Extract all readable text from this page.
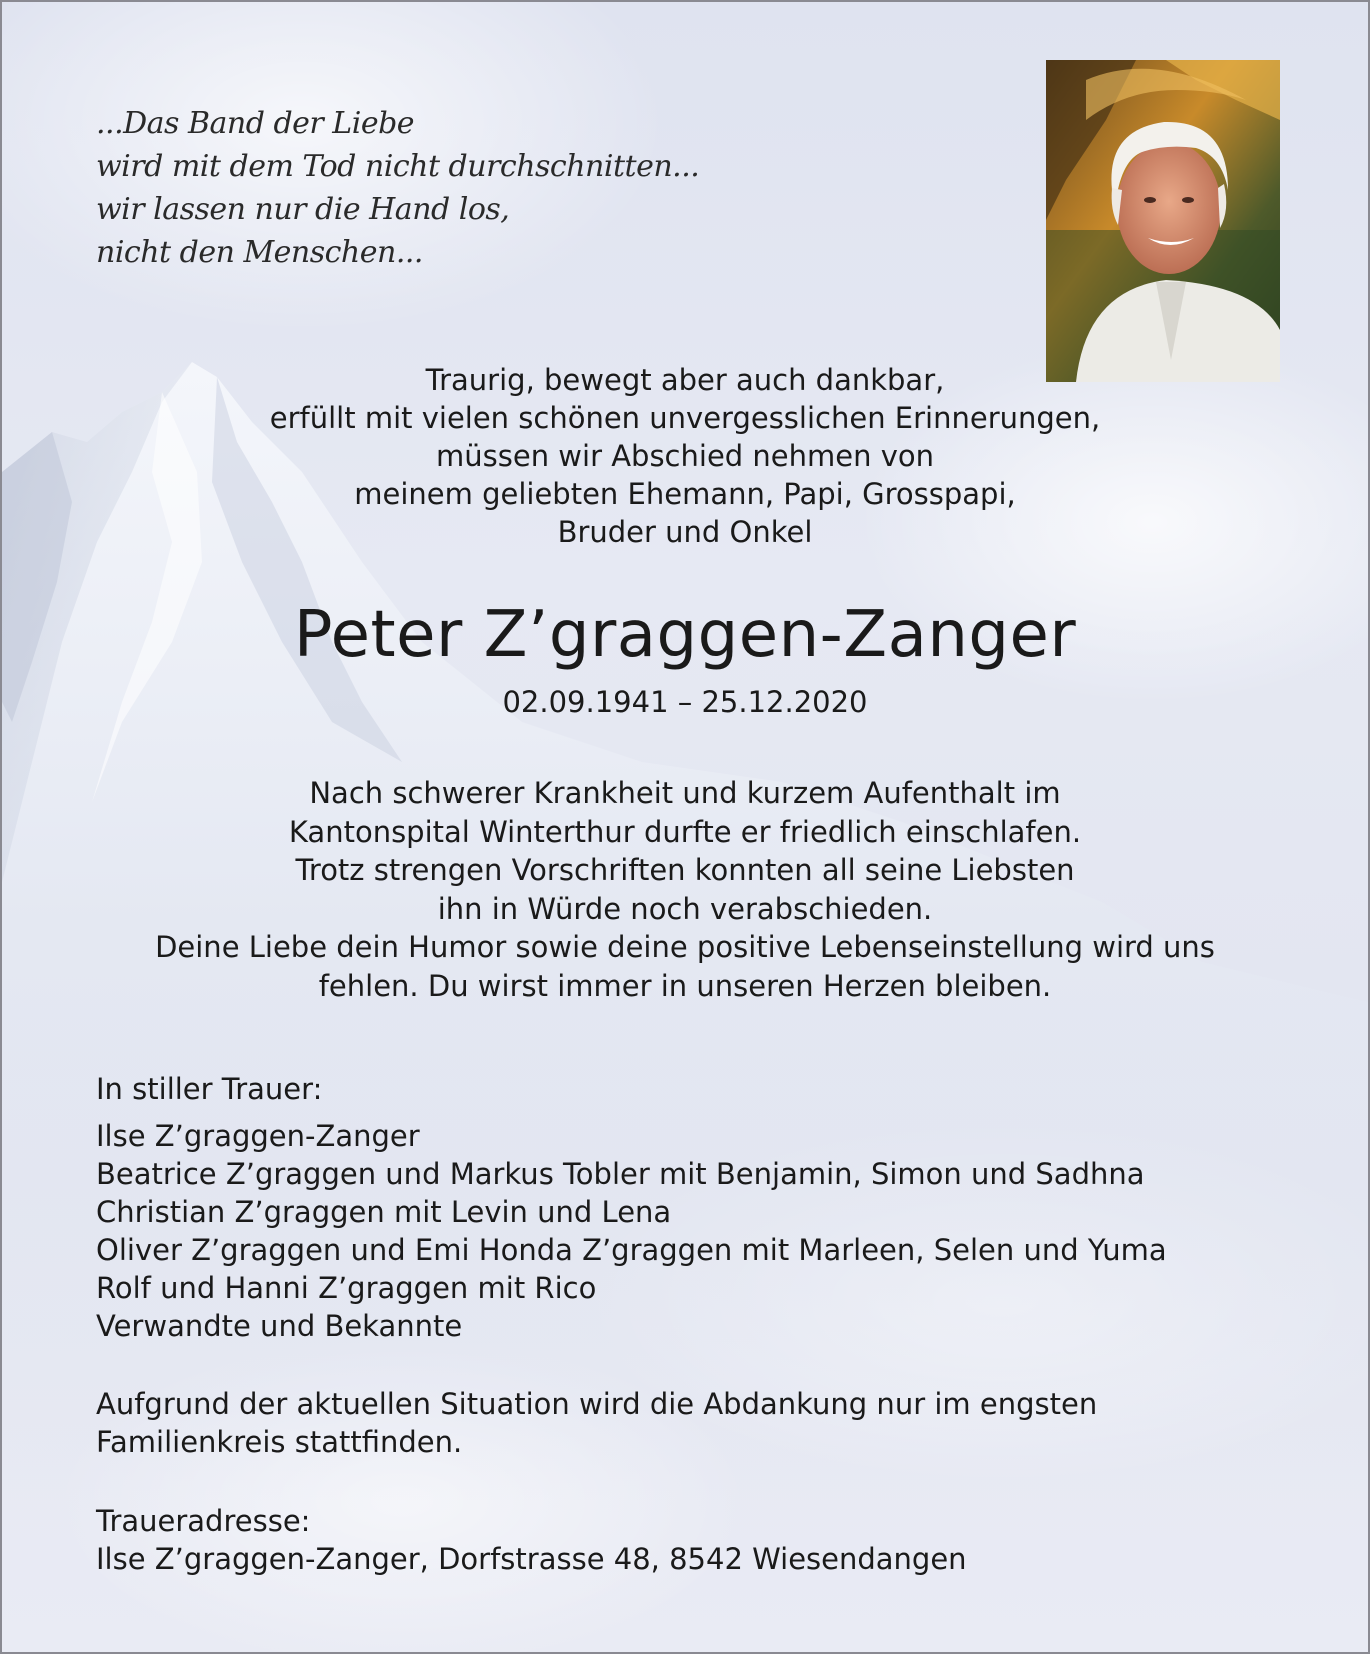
...Das Band der Liebe
wird mit dem Tod nicht durchschnitten...
wir lassen nur die Hand los,
nicht den Menschen...
Traurig, bewegt aber auch dankbar,
erfüllt mit vielen schönen unvergesslichen Erinnerungen,
müssen wir Abschied nehmen von
meinem geliebten Ehemann, Papi, Grosspapi,
Bruder und Onkel
Peter Z’graggen-Zanger
02.09.1941 – 25.12.2020
Nach schwerer Krankheit und kurzem Aufenthalt im
Kantonspital Winterthur durfte er friedlich einschlafen.
Trotz strengen Vorschriften konnten all seine Liebsten
ihn in Würde noch verabschieden.
Deine Liebe dein Humor sowie deine positive Lebenseinstellung wird uns
fehlen. Du wirst immer in unseren Herzen bleiben.
In stiller Trauer:
Ilse Z’graggen-Zanger
Beatrice Z’graggen und Markus Tobler mit Benjamin, Simon und Sadhna
Christian Z’graggen mit Levin und Lena
Oliver Z’graggen und Emi Honda Z’graggen mit Marleen, Selen und Yuma
Rolf und Hanni Z’graggen mit Rico
Verwandte und Bekannte
Aufgrund der aktuellen Situation wird die Abdankung nur im engsten
Familienkreis stattfinden.
Traueradresse:
Ilse Z’graggen-Zanger, Dorfstrasse 48, 8542 Wiesendangen
